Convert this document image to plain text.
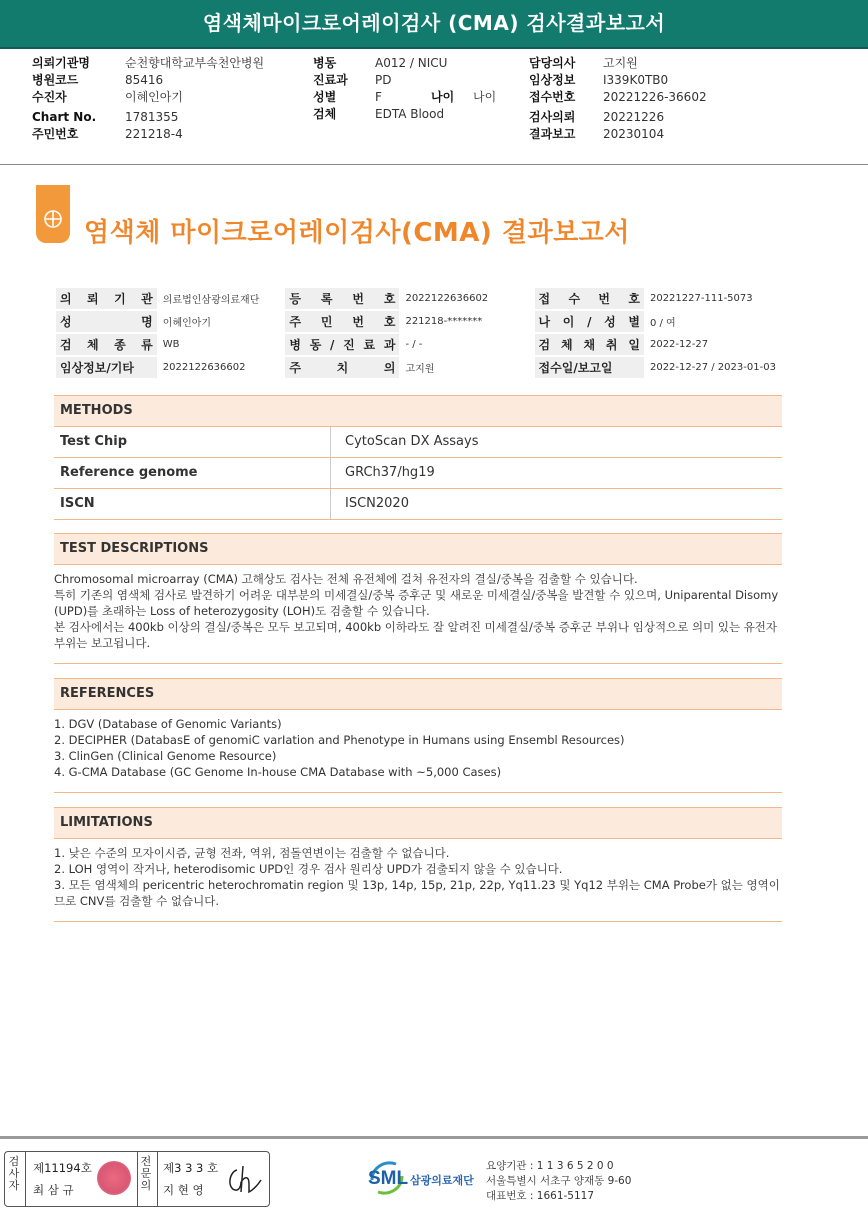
염색체마이크로어레이검사 (CMA) 검사결과보고서
의뢰기관명	순천향대학교부속천안병원
병원코드	85416
수진자	이혜인아기
Chart No. 1781355
주민번호	221218-4
병동	A012 / NICU
진료과 PD
성별	F	나이 나이
검체	EDTA Blood
담당의사 고지원
임상정보 I339K0TB0
접수번호 20221226-36602
검사의뢰 20221226
결과보고 20230104
염색체 마이크로어레이검사(CMA) 결과보고서
의 뢰 기 관	의료법인삼광의료재단	등 록 번 호	2022122636602	접 수 번 호	20221227-111-5073
성 명	이혜인아기	주 민 번 호	221218-*******	나 이 / 성 별	0 / 여
검 체 종 류	WB	병 동 / 진 료 과	- / -	검 체 채 취 일	2022-12-27
임상정보/기타	2022122636602	주 치 의	고지원	접수일/보고일	2022-12-27 / 2023-01-03
METHODS
Test Chip	CytoScan DX Assays
Reference genome	GRCh37/hg19
ISCN	ISCN2020
TEST DESCRIPTIONS

Chromosomal microarray (CMA) 고해상도 검사는 전체 유전체에 걸쳐 유전자의 결실/중복을 검출할 수 있습니다.

특히 기존의 염색체 검사로 발견하기 어려운 대부분의 미세결실/중복 증후군 및 새로운 미세결실/중복을 발견할 수 있으며, Uniparental Disomy (UPD)를 초래하는 Loss of heterozygosity (LOH)도 검출할 수 있습니다.

본 검사에서는 400kb 이상의 결실/중복은 모두 보고되며, 400kb 이하라도 잘 알려진 미세결실/중복 증후군 부위나 임상적으로 의미 있는 유전자 부위는 보고됩니다.

REFERENCES

1. DGV (Database of Genomic Variants)

2. DECIPHER (DatabasE of genomiC varIation and Phenotype in Humans using Ensembl Resources)

3. ClinGen (Clinical Genome Resource)

4. G-CMA Database (GC Genome In-house CMA Database with ~5,000 Cases)

LIMITATIONS

1. 낮은 수준의 모자이시즘, 균형 전좌, 역위, 점돌연변이는 검출할 수 없습니다.

2. LOH 영역이 작거나, heterodisomic UPD인 경우 검사 원리상 UPD가 검출되지 않을 수 있습니다.

3. 모든 염색체의 pericentric heterochromatin region 및 13p, 14p, 15p, 21p, 22p, Yq11.23 및 Yq12 부위는 CMA Probe가 없는 영역이므로 CNV를 검출할 수 없습니다.

검
사
자
제11194호
최 삼 규
전
문
의
제3 3 3 호
지 현 영
SML 삼광의료재단
요양기관 : 1 1 3 6 5 2 0 0
서울특별시 서초구 양재동 9-60
대표번호 : 1661-5117
